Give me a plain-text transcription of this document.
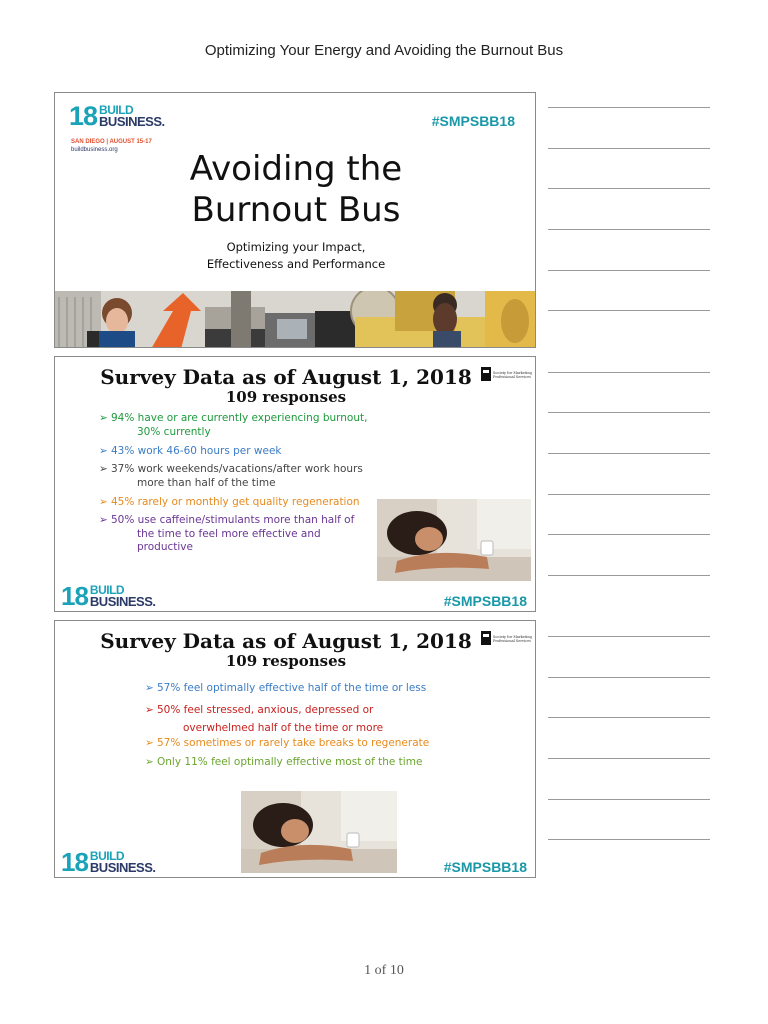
Optimizing Your Energy and Avoiding the Burnout Bus
18 BUILD
BUSINESS.
SAN DIEGO | AUGUST 15-17
buildbusiness.org
#SMPSBB18
Avoiding the
Burnout Bus
Optimizing your Impact,
Effectiveness and Performance
Survey Data as of August 1, 2018
109 responses
Society for Marketing
Professional Services
➢ 94% have or are currently experiencing burnout,
30% currently
➢ 43% work 46-60 hours per week
➢ 37% work weekends/vacations/after work hours
more than half of the time
➢ 45% rarely or monthly get quality regeneration
➢ 50% use caffeine/stimulants more than half of
the time to feel more effective and
productive
18 BUILD
BUSINESS.	#SMPSBB18
Survey Data as of August 1, 2018
109 responses
Society for Marketing
Professional Services
➢ 57% feel optimally effective half of the time or less
➢ 50% feel stressed, anxious, depressed or
overwhelmed half of the time or more
➢ 57% sometimes or rarely take breaks to regenerate
➢ Only 11% feel optimally effective most of the time
18 BUILD
BUSINESS.	#SMPSBB18
1 of 10
